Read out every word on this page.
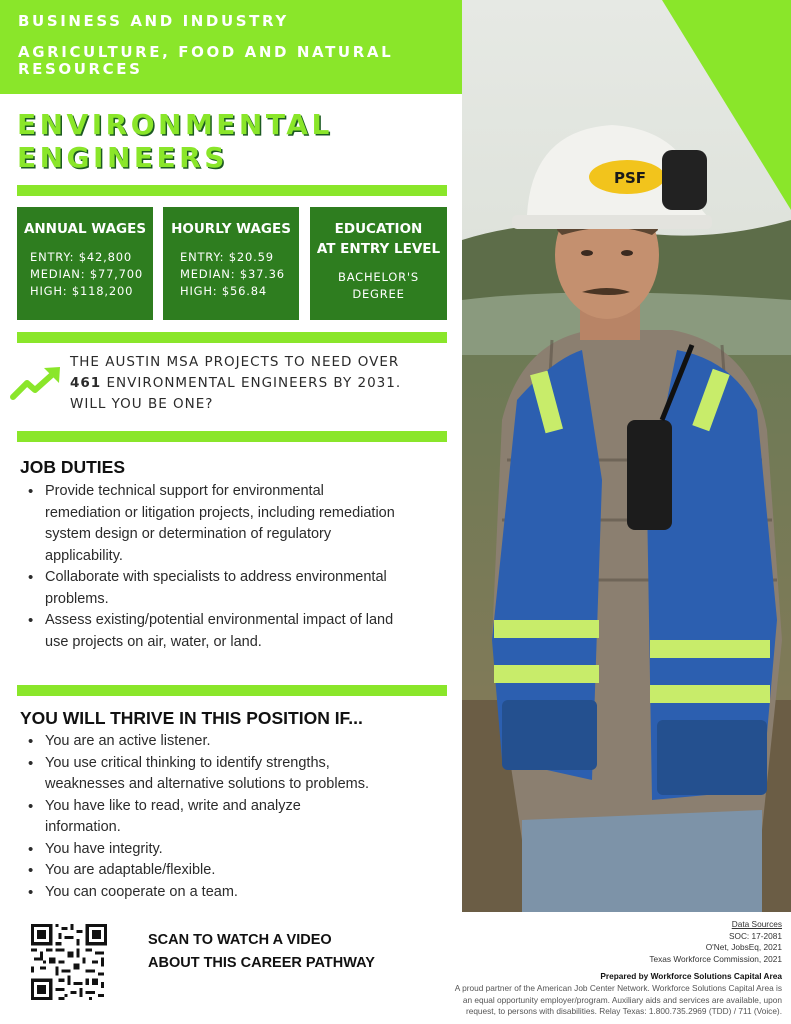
BUSINESS AND INDUSTRY
AGRICULTURE, FOOD AND NATURAL RESOURCES
PSF
ENVIRONMENTAL
ENGINEERS
ANNUAL WAGES
ENTRY: $42,800
MEDIAN: $77,700
HIGH: $118,200
HOURLY WAGES
ENTRY: $20.59
MEDIAN: $37.36
HIGH: $56.84
EDUCATION
AT ENTRY LEVEL
BACHELOR'S
DEGREE
THE AUSTIN MSA PROJECTS TO NEED OVER
461 ENVIRONMENTAL ENGINEERS BY 2031.
WILL YOU BE ONE?
JOB DUTIES
• Provide technical support for environmental
remediation or litigation projects, including remediation
system design or determination of regulatory
applicability.
• Collaborate with specialists to address environmental
problems.
• Assess existing/potential environmental impact of land
use projects on air, water, or land.
YOU WILL THRIVE IN THIS POSITION IF...
• You are an active listener.
• You use critical thinking to identify strengths,
weaknesses and alternative solutions to problems.
• You have like to read, write and analyze
information.
• You have integrity.
• You are adaptable/flexible.
• You can cooperate on a team.
SCAN TO WATCH A VIDEO
ABOUT THIS CAREER PATHWAY
Data Sources
SOC: 17-2081
O'Net, JobsEq, 2021
Texas Workforce Commission, 2021
Prepared by Workforce Solutions Capital Area
A proud partner of the American Job Center Network. Workforce Solutions Capital Area is
an equal opportunity employer/program. Auxiliary aids and services are available, upon
request, to persons with disabilities. Relay Texas: 1.800.735.2969 (TDD) / 711 (Voice).
